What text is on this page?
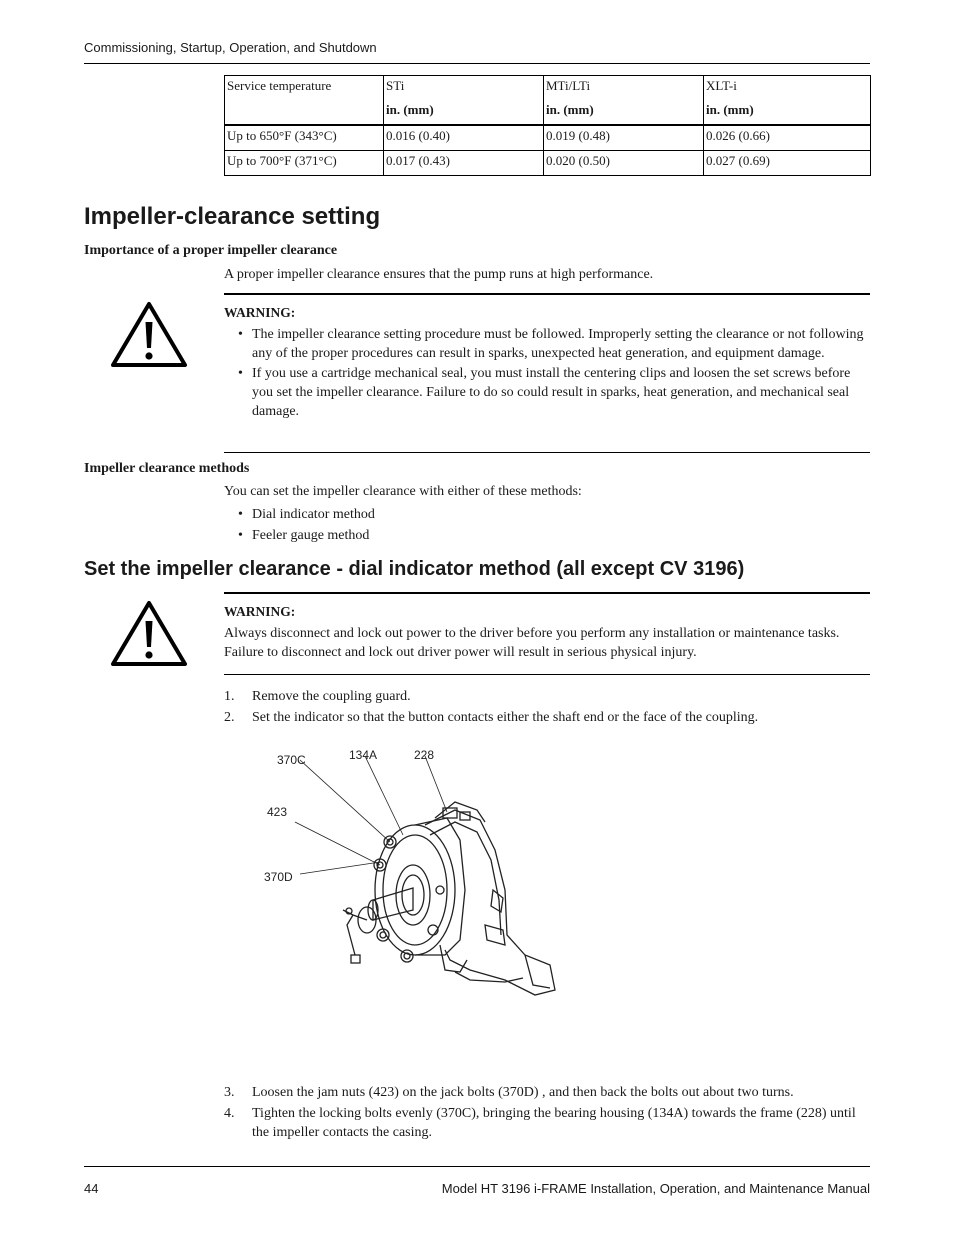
Commissioning, Startup, Operation, and Shutdown
Service temperature	STi	MTi/LTi	XLT-i
	in. (mm)	in. (mm)	in. (mm)
Up to 650°F (343°C)	0.016 (0.40)	0.019 (0.48)	0.026 (0.66)
Up to 700°F (371°C)	0.017 (0.43)	0.020 (0.50)	0.027 (0.69)
Impeller-clearance setting

Importance of a proper impeller clearance

A proper impeller clearance ensures that the pump runs at high performance.

WARNING:

• The impeller clearance setting procedure must be followed. Improperly setting the clearance or not following any of the proper procedures can result in sparks, unexpected heat generation, and equipment damage.
• If you use a cartridge mechanical seal, you must install the centering clips and loosen the set screws before you set the impeller clearance. Failure to do so could result in sparks, heat generation, and mechanical seal damage.

Impeller clearance methods

You can set the impeller clearance with either of these methods:

• Dial indicator method
• Feeler gauge method
Set the impeller clearance - dial indicator method (all except CV 3196)

WARNING:

Always disconnect and lock out power to the driver before you perform any installation or maintenance tasks. Failure to disconnect and lock out driver power will result in serious physical injury.

1. Remove the coupling guard.
2. Set the indicator so that the button contacts either the shaft end or the face of the coupling.
370C	134A	228
423
370D
3. Loosen the jam nuts (423) on the jack bolts (370D) , and then back the bolts out about two turns.
4. Tighten the locking bolts evenly (370C), bringing the bearing housing (134A) towards the frame (228) until the impeller contacts the casing.
44	Model HT 3196 i-FRAME Installation, Operation, and Maintenance Manual
